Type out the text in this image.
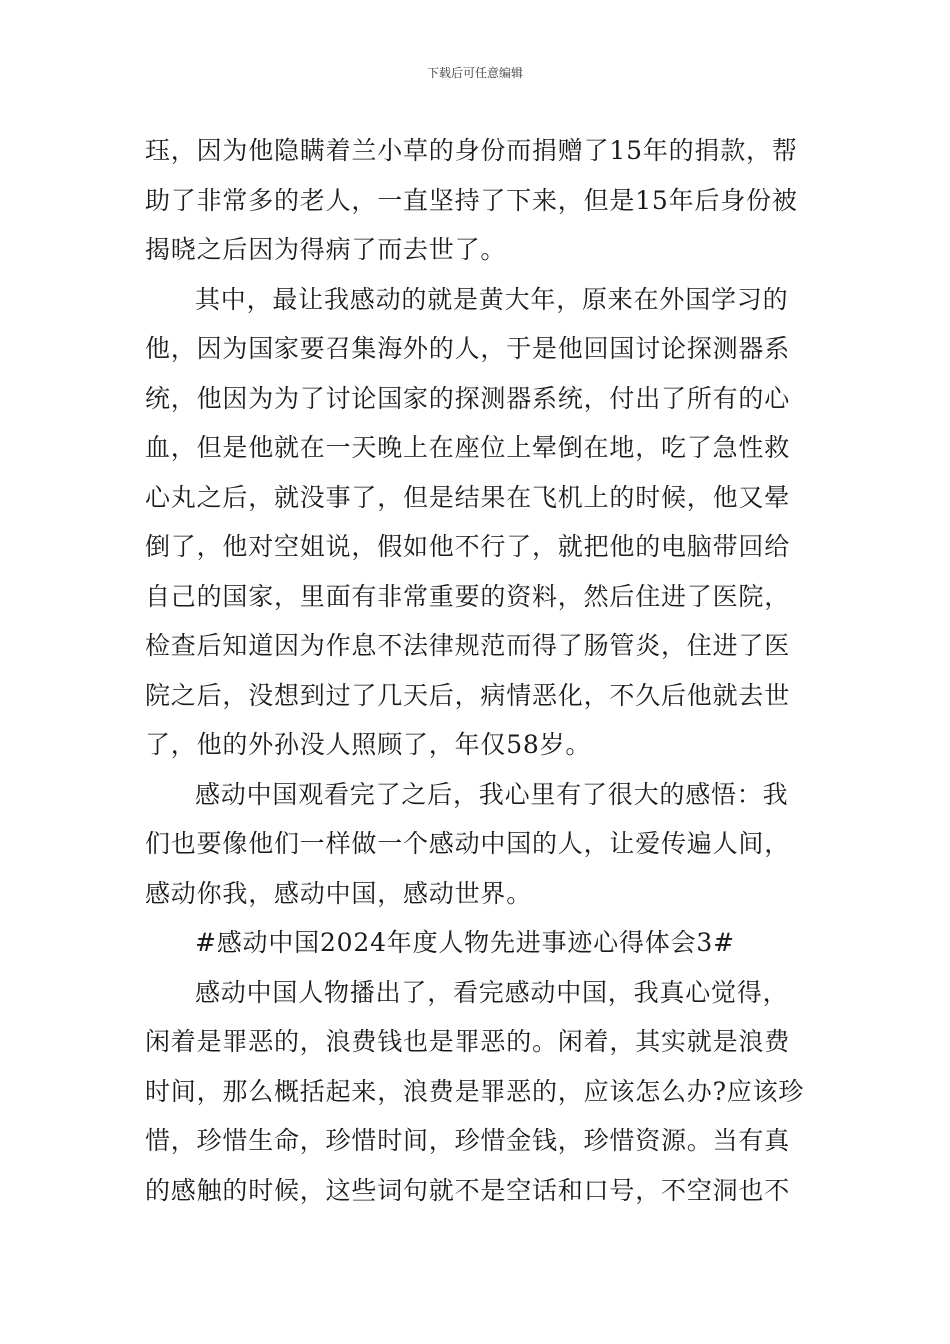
下载后可任意编辑
珏，因为他隐瞒着兰小草的身份而捐赠了15年的捐款，帮
助了非常多的老人，一直坚持了下来，但是15年后身份被
揭晓之后因为得病了而去世了。
其中，最让我感动的就是黄大年，原来在外国学习的
他，因为国家要召集海外的人，于是他回国讨论探测器系
统，他因为为了讨论国家的探测器系统，付出了所有的心
血，但是他就在一天晚上在座位上晕倒在地，吃了急性救
心丸之后，就没事了，但是结果在飞机上的时候，他又晕
倒了，他对空姐说，假如他不行了，就把他的电脑带回给
自己的国家，里面有非常重要的资料，然后住进了医院，
检查后知道因为作息不法律规范而得了肠管炎，住进了医
院之后，没想到过了几天后，病情恶化，不久后他就去世
了，他的外孙没人照顾了，年仅58岁。
感动中国观看完了之后，我心里有了很大的感悟：我
们也要像他们一样做一个感动中国的人，让爱传遍人间，
感动你我，感动中国，感动世界。
#感动中国2024年度人物先进事迹心得体会3#
感动中国人物播出了，看完感动中国，我真心觉得，
闲着是罪恶的，浪费钱也是罪恶的。闲着，其实就是浪费
时间，那么概括起来，浪费是罪恶的，应该怎么办?应该珍
惜，珍惜生命，珍惜时间，珍惜金钱，珍惜资源。当有真
的感触的时候，这些词句就不是空话和口号，不空洞也不
